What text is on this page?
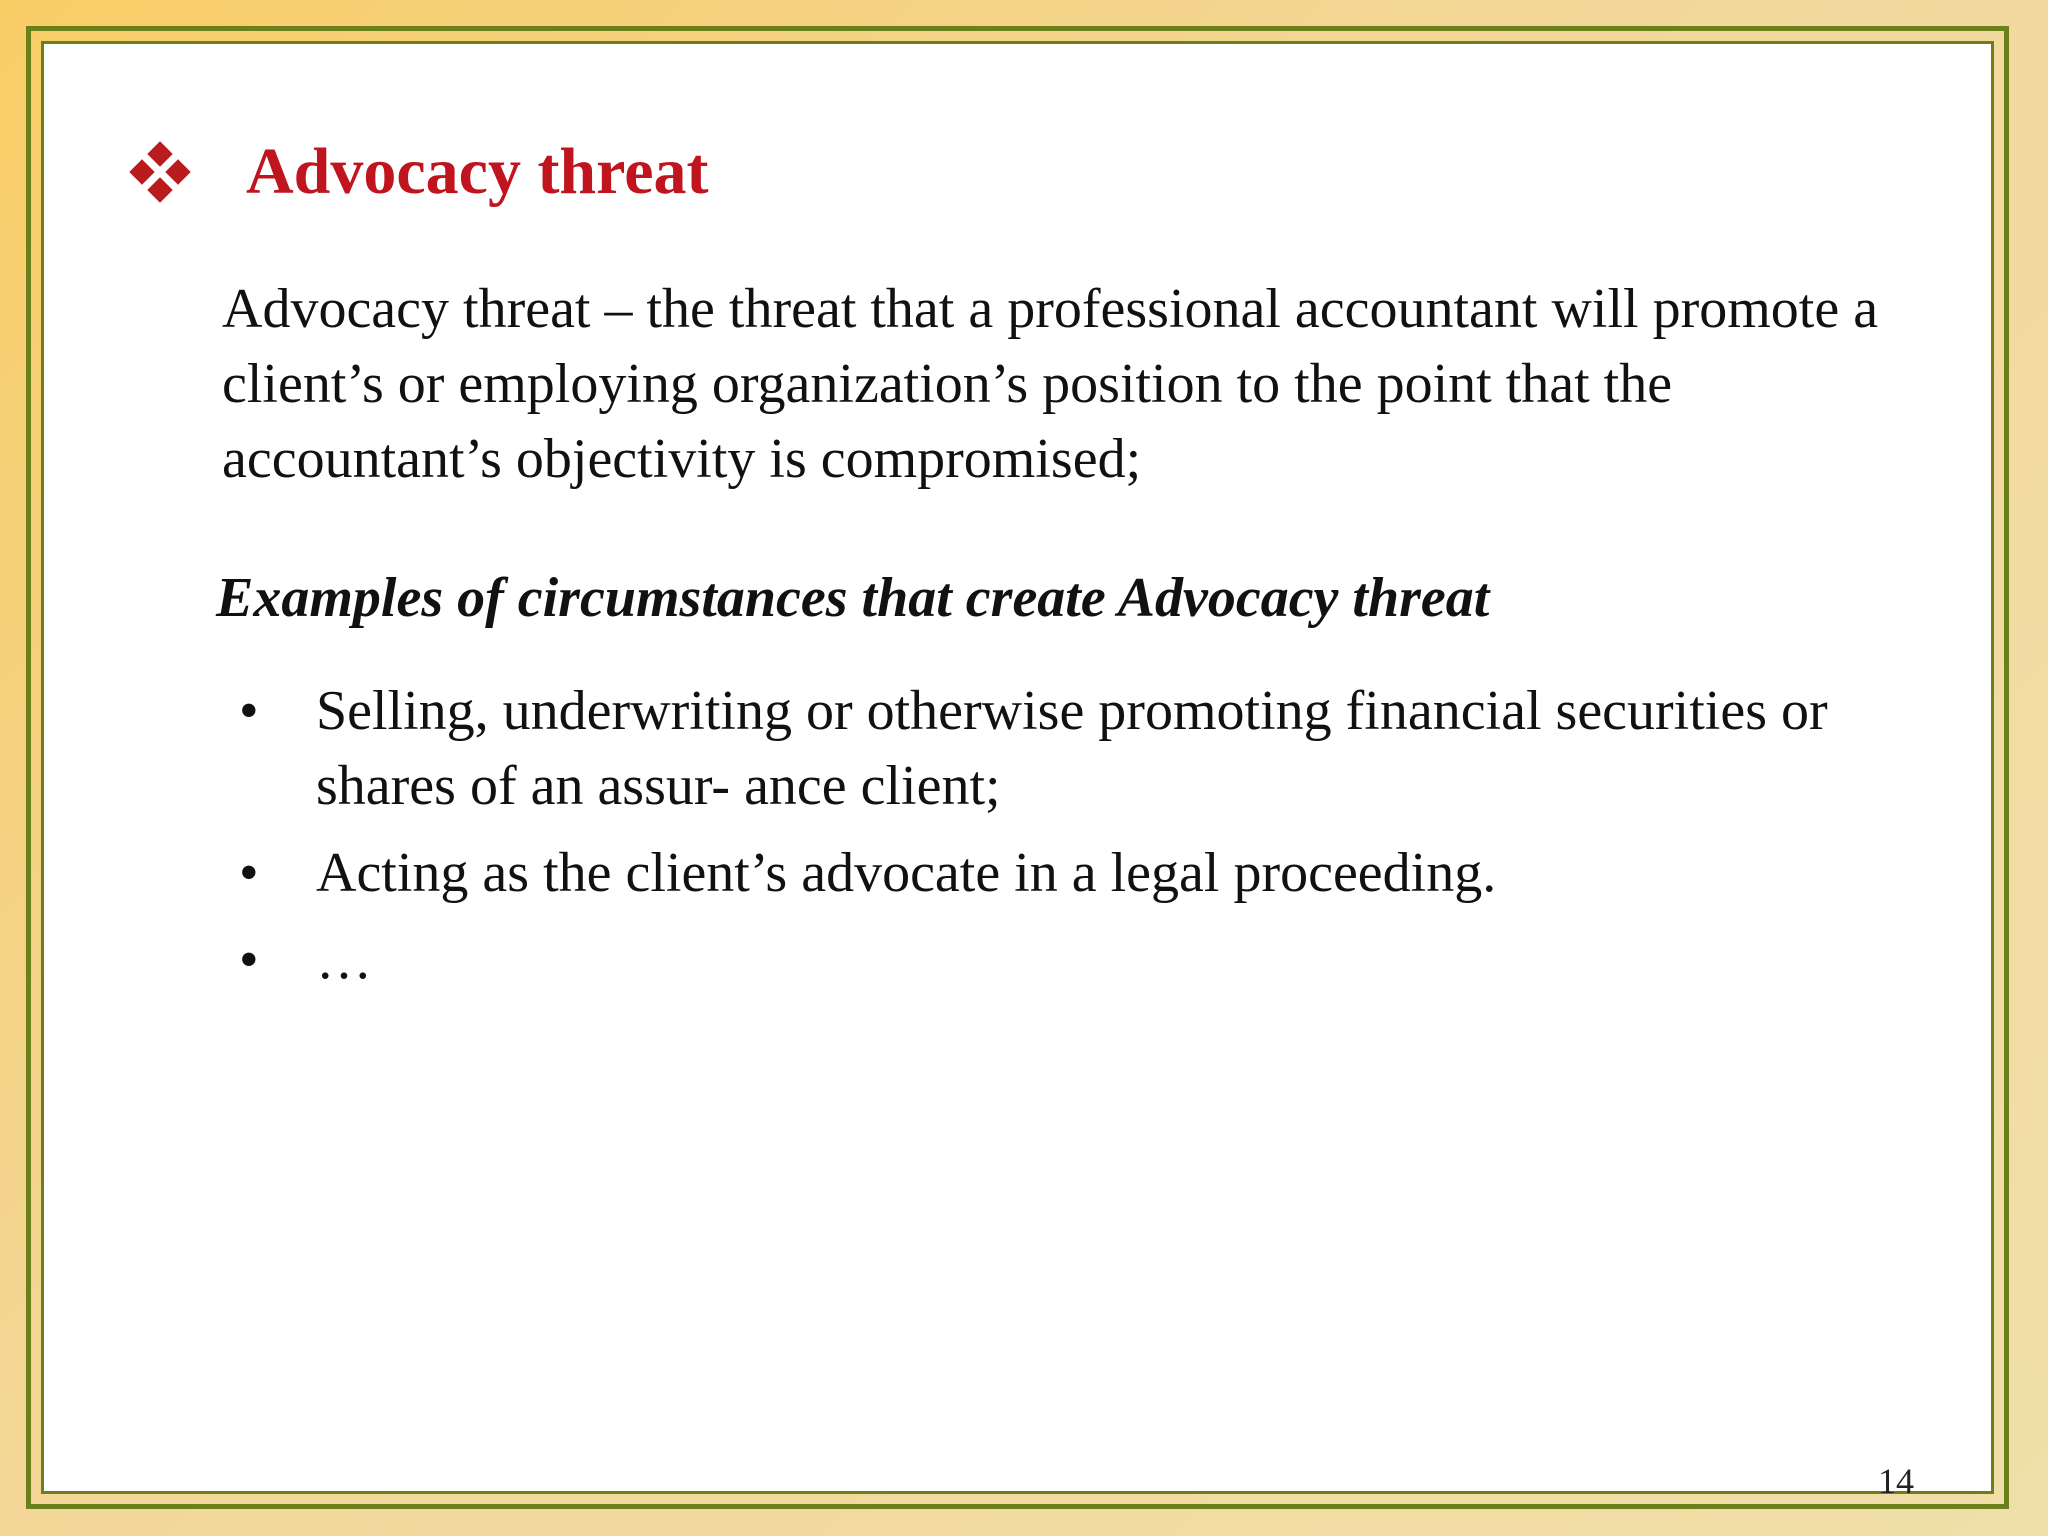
Advocacy threat
Advocacy threat – the threat that a professional accountant will promote a client’s or employing organization’s position to the point that the accountant’s objectivity is compromised;
Examples of circumstances that create Advocacy threat
•	Selling, underwriting or otherwise promoting financial securities or shares of an assur- ance client;
•	Acting as the client’s advocate in a legal proceeding.
•	…
14
